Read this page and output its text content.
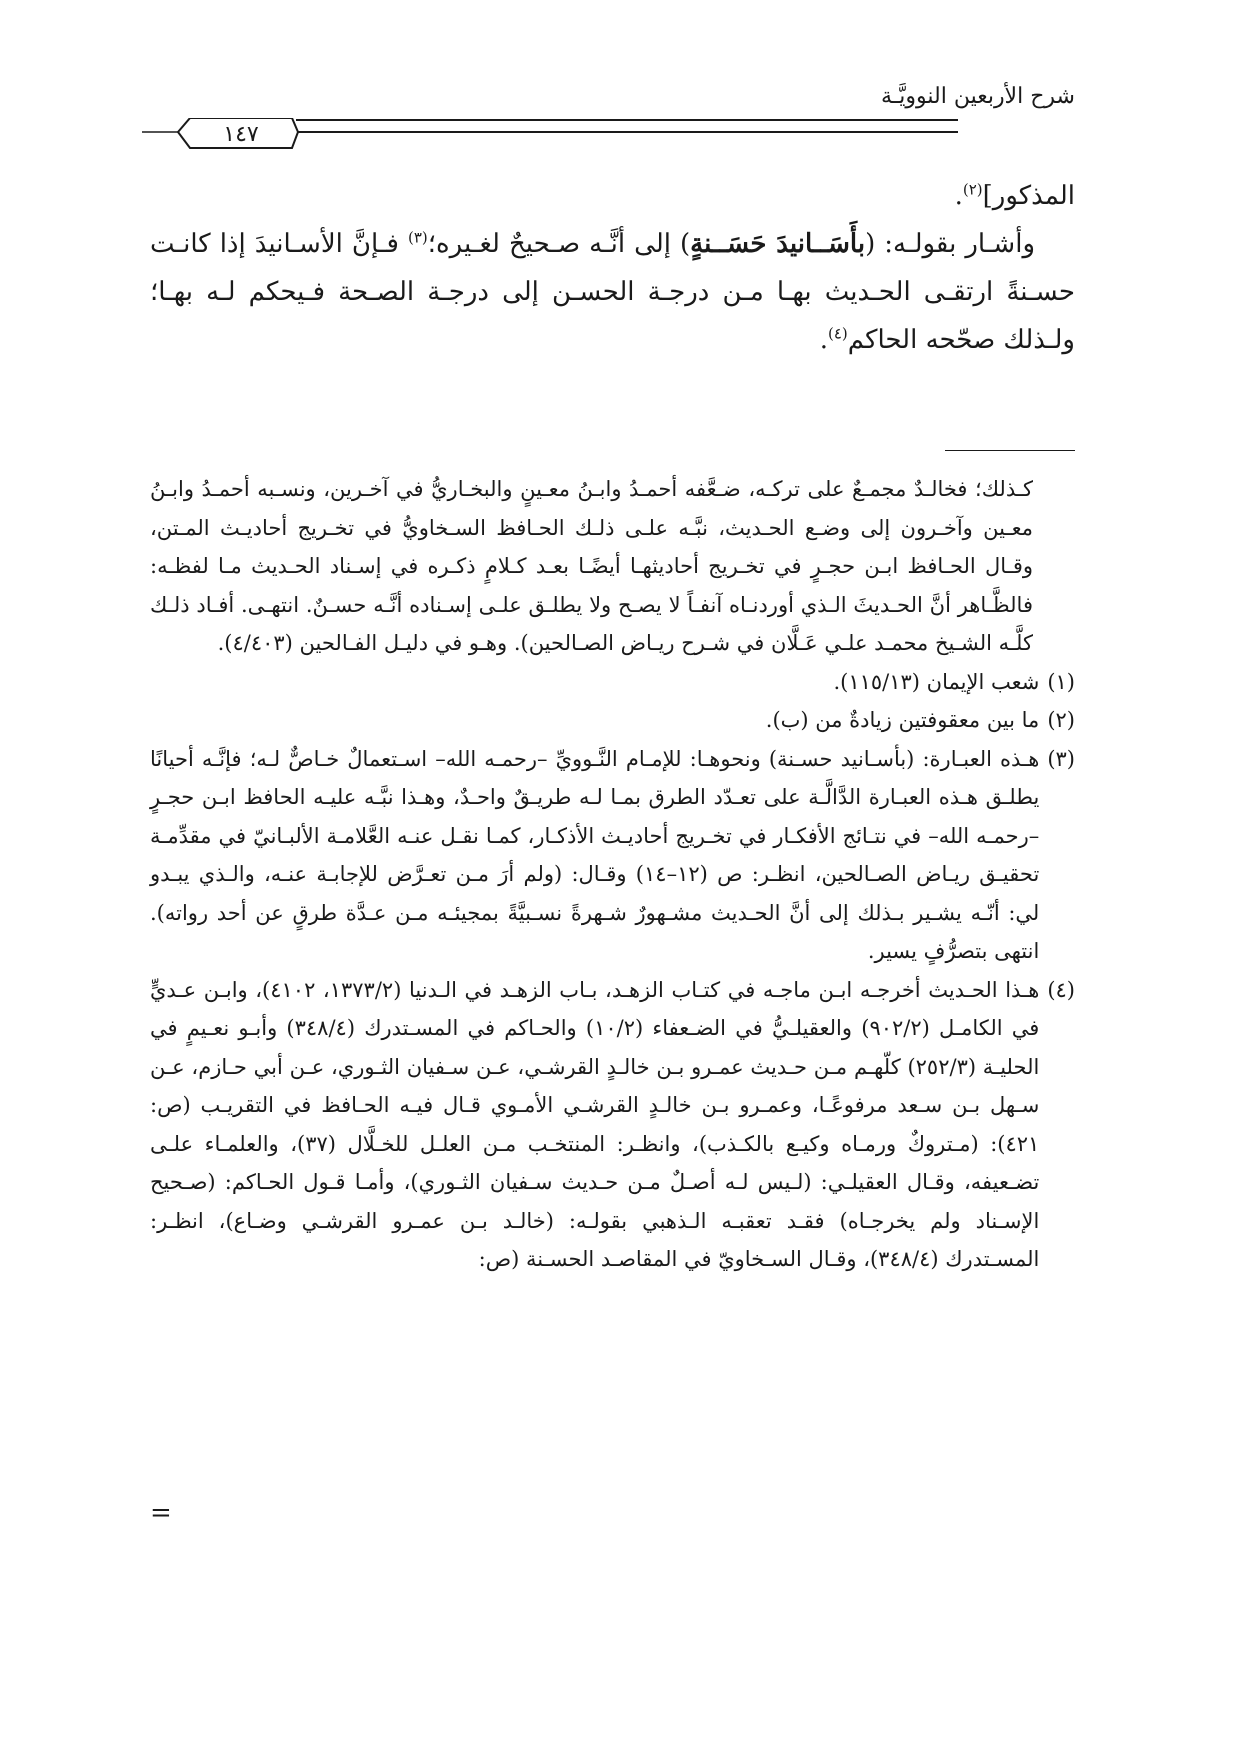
شرح الأربعين النوويَّـة
١٤٧

المذكور]$^{(٢)}$.

وأشـار بقولـه: (بأَسَــانيدَ حَسَــنةٍ) إلى أنَّـه صـحيحٌ لغـيره؛$^{(٣)}$ فـإنَّ الأسـانيدَ إذا كانـت حسـنةً ارتقـى الحـديث بهـا مـن درجـة الحسـن إلى درجـة الصـحة فـيحكم لـه بهـا؛ ولـذلك صحّحه الحاكم$^{(٤)}$.

كـذلك؛ فخالـدٌ مجمـعٌ على تركـه، ضـعَّفه أحمـدُ وابـنُ معـينٍ والبخـاريُّ في آخـرين، ونسـبه أحمـدُ وابـنُ معـين وآخـرون إلى وضـع الحـديث، نبَّـه علـى ذلـك الحـافظ السـخاويُّ في تخـريج أحاديـث المـتن، وقـال الحـافظ ابـن حجـرٍ في تخـريج أحاديثهـا أيضًـا بعـد كـلامٍ ذكـره في إسـناد الحـديث مـا لفظـه: فالظَّـاهر أنَّ الحـديثَ الـذي أوردنـاه آنفـاً لا يصـح ولا يطلـق علـى إسـناده أنَّـه حسـنٌ. انتهـى. أفـاد ذلـك كلَّـه الشـيخ محمـد علـي عَـلَّان في شـرح ريـاض الصـالحين). وهـو في دليـل الفـالحين (٤/٤٠٣).

(١)
شعب الإيمان (١١٥/١٣).
(٢)
ما بين معقوفتين زيادةٌ من (ب).
(٣)
هـذه العبـارة: (بأسـانيد حسـنة) ونحوهـا: للإمـام النَّـوويِّ –رحمـه الله– اسـتعمالٌ خـاصٌّ لـه؛ فإنَّـه أحيانًا يطلـق هـذه العبـارة الدَّالَّـة على تعـدّد الطرق بمـا لـه طريـقٌ واحـدٌ، وهـذا نبَّـه عليـه الحافظ ابـن حجـرٍ –رحمـه الله– في نتـائج الأفكـار في تخـريج أحاديـث الأذكـار، كمـا نقـل عنـه العَّلامـة الألبـانيّ في مقدِّمـة تحقيـق ريـاض الصـالحين، انظـر: ص (١٢–١٤) وقـال: (ولم أرَ مـن تعـرَّض للإجابـة عنـه، والـذي يبـدو لي: أنّـه يشـير بـذلك إلى أنَّ الحـديث مشـهورٌ شـهرةً نسـبيَّةً بمجيئـه مـن عـدَّة طرقٍ عن أحد رواته). انتهى بتصرُّفٍ يسير.
(٤)
هـذا الحـديث أخرجـه ابـن ماجـه في كتـاب الزهـد، بـاب الزهـد في الـدنيا (١٣٧٣/٢، ٤١٠٢)، وابـن عـديٍّ في الكامـل (٩٠٢/٢) والعقيلـيُّ في الضـعفاء (١٠/٢) والحـاكم في المسـتدرك (٣٤٨/٤) وأبـو نعـيمٍ في الحليـة (٢٥٢/٣) كلّهـم مـن حـديث عمـرو بـن خالـدٍ القرشـي، عـن سـفيان الثـوري، عـن أبي حـازم، عـن سـهل بـن سـعد مرفوعًـا، وعمـرو بـن خالـدٍ القرشـي الأمـوي قـال فيـه الحـافظ في التقريـب (ص: ٤٢١): (مـتروكٌ ورمـاه وكيـع بالكـذب)، وانظـر: المنتخـب مـن العلـل للخـلَّال (٣٧)، والعلمـاء علـى تضـعيفه، وقـال العقيلـي: (لـيس لـه أصـلٌ مـن حـديث سـفيان الثـوري)، وأمـا قـول الحـاكم: (صـحيح الإسـناد ولم يخرجـاه) فقـد تعقبـه الـذهبي بقولـه: (خالـد بـن عمـرو القرشـي وضـاع)، انظـر: المسـتدرك (٣٤٨/٤)، وقـال السـخاويّ في المقاصـد الحسـنة (ص:
=
